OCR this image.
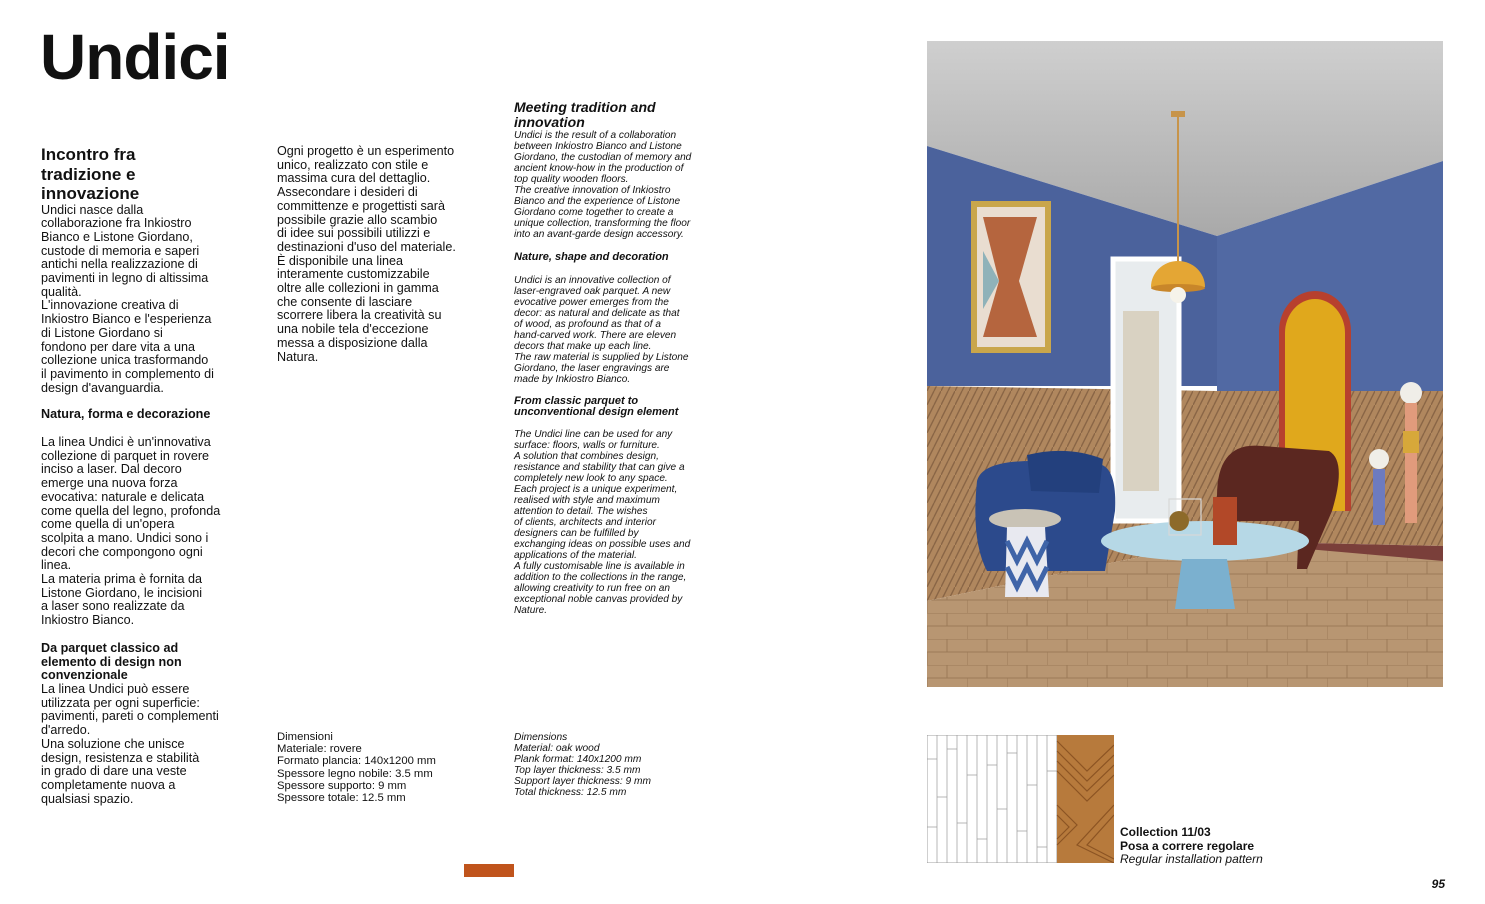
Undici

Incontro fra
tradizione e
innovazione

Undici nasce dalla
collaborazione fra Inkiostro
Bianco e Listone Giordano,
custode di memoria e saperi
antichi nella realizzazione di
pavimenti in legno di altissima
qualità.
L'innovazione creativa di
Inkiostro Bianco e l'esperienza
di Listone Giordano si
fondono per dare vita a una
collezione unica trasformando
il pavimento in complemento di
design d'avanguardia.

Natura, forma e decorazione

La linea Undici è un'innovativa
collezione di parquet in rovere
inciso a laser. Dal decoro
emerge una nuova forza
evocativa: naturale e delicata
come quella del legno, profonda
come quella di un'opera
scolpita a mano. Undici sono i
decori che compongono ogni
linea.
La materia prima è fornita da
Listone Giordano, le incisioni
a laser sono realizzate da
Inkiostro Bianco.

Da parquet classico ad
elemento di design non
convenzionale

La linea Undici può essere
utilizzata per ogni superficie:
pavimenti, pareti o complementi
d'arredo.
Una soluzione che unisce
design, resistenza e stabilità
in grado di dare una veste
completamente nuova a
qualsiasi spazio.

Ogni progetto è un esperimento
unico, realizzato con stile e
massima cura del dettaglio.
Assecondare i desideri di
committenze e progettisti sarà
possibile grazie allo scambio
di idee sui possibili utilizzi e
destinazioni d'uso del materiale.
È disponibile una linea
interamente customizzabile
oltre alle collezioni in gamma
che consente di lasciare
scorrere libera la creatività su
una nobile tela d'eccezione
messa a disposizione dalla
Natura.

Meeting tradition and
innovation

Undici is the result of a collaboration
between Inkiostro Bianco and Listone
Giordano, the custodian of memory and
ancient know-how in the production of
top quality wooden floors.
The creative innovation of Inkiostro
Bianco and the experience of Listone
Giordano come together to create a
unique collection, transforming the floor
into an avant-garde design accessory.

Nature, shape and decoration

Undici is an innovative collection of
laser-engraved oak parquet. A new
evocative power emerges from the
decor: as natural and delicate as that
of wood, as profound as that of a
hand-carved work. There are eleven
decors that make up each line.
The raw material is supplied by Listone
Giordano, the laser engravings are
made by Inkiostro Bianco.

From classic parquet to
unconventional design element

The Undici line can be used for any
surface: floors, walls or furniture.
A solution that combines design,
resistance and stability that can give a
completely new look to any space.
Each project is a unique experiment,
realised with style and maximum
attention to detail. The wishes
of clients, architects and interior
designers can be fulfilled by
exchanging ideas on possible uses and
applications of the material.
A fully customisable line is available in
addition to the collections in the range,
allowing creativity to run free on an
exceptional noble canvas provided by
Nature.

Dimensioni
Materiale: rovere
Formato plancia: 140x1200 mm
Spessore legno nobile: 3.5 mm
Spessore supporto: 9 mm
Spessore totale: 12.5 mm

Dimensions
Material: oak wood
Plank format: 140x1200 mm
Top layer thickness: 3.5 mm
Support layer thickness: 9 mm
Total thickness: 12.5 mm

Collection 11/03
Posa a correre regolare
Regular installation pattern
95
